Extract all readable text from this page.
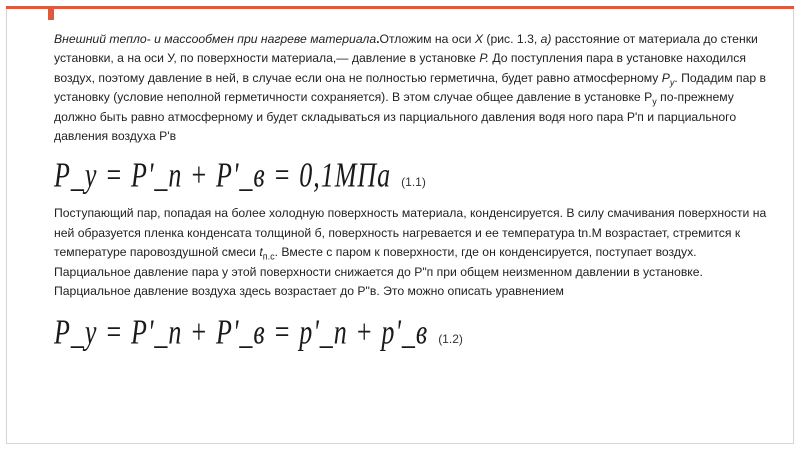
Внешний тепло- и массообмен при нагреве материала.Отложим на оси X (рис. 1.3, а) расстояние от материала до стенки установки, а на оси У, по поверхности материала,— давление в установке Р. До поступления пара в установке находился воздух, поэтому давление в ней, в случае если она не полностью герметична, будет равно атмосферному $P_у$. Подадим пар в установку (условие неполной герметичности сохраняется). В этом случае общее давление в установке $P_у$ по-прежнему должно быть равно атмосферному и будет складываться из парциального давления водя ного пара Р'п и парциального давления воздуха Р'в

P_у = P'_п + P'_в = 0,1МПа (1.1)

Поступающий пар, попадая на более холодную поверхность материала, конденсируется. В силу смачивания поверхности на ней образуется пленка конденсата толщиной б, поверхность нагревается и ее температура tn.M возрастает, стремится к температуре паровоздушной смеси $t_{п.с}$. Вместе с паром к поверхности, где он конденсируется, поступает воздух. Парциальное давление пара у этой поверхности снижается до Р"п при общем неизменном давлении в установке. Парциальное давление воздуха здесь возрастает до Р"в. Это можно описать уравнением

P_у = P'_п + P'_в = p'_п + p'_в (1.2)
